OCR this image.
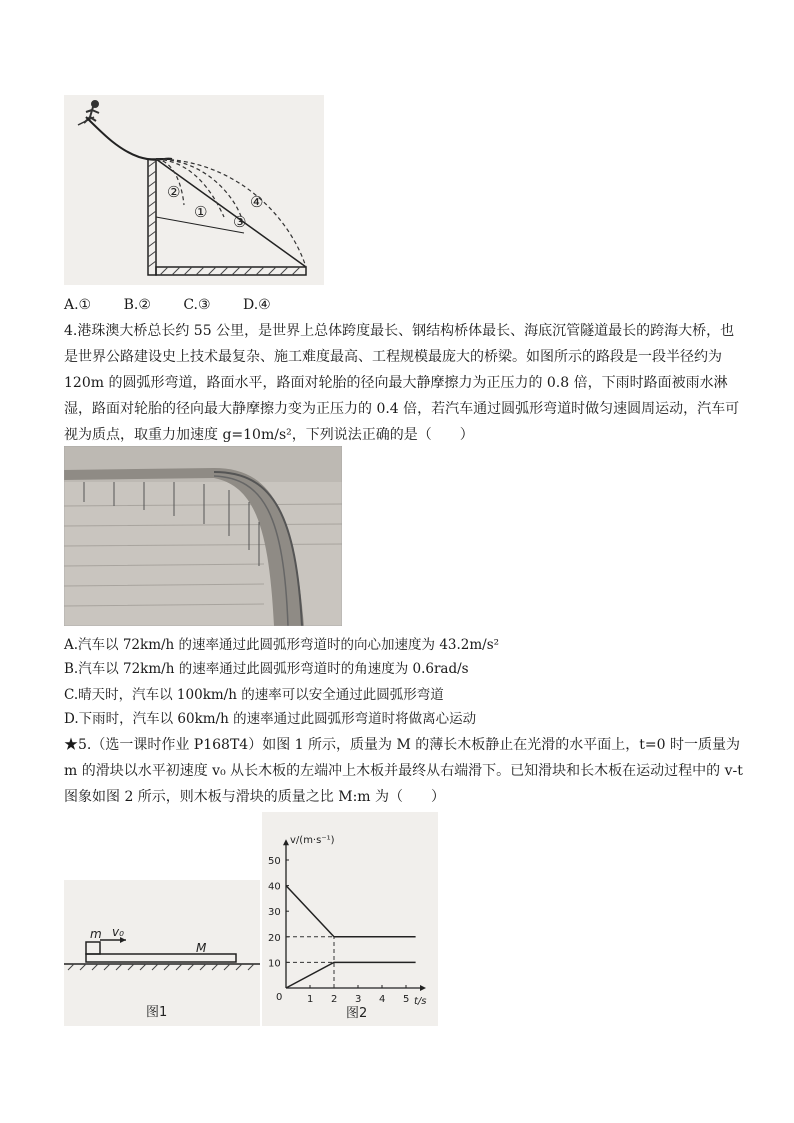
②
①
③
④
A.① B.② C.③ D.④

4.港珠澳大桥总长约 55 公里，是世界上总体跨度最长、钢结构桥体最长、海底沉管隧道最长的跨海大桥，也是世界公路建设史上技术最复杂、施工难度最高、工程规模最庞大的桥梁。如图所示的路段是一段半径约为 120m 的圆弧形弯道，路面水平，路面对轮胎的径向最大静摩擦力为正压力的 0.8 倍，下雨时路面被雨水淋湿，路面对轮胎的径向最大静摩擦力变为正压力的 0.4 倍，若汽车通过圆弧形弯道时做匀速圆周运动，汽车可视为质点，取重力加速度 g=10m/s²，下列说法正确的是（　　）

A.汽车以 72km/h 的速率通过此圆弧形弯道时的向心加速度为 43.2m/s²
B.汽车以 72km/h 的速率通过此圆弧形弯道时的角速度为 0.6rad/s
C.晴天时，汽车以 100km/h 的速率可以安全通过此圆弧形弯道
D.下雨时，汽车以 60km/h 的速率通过此圆弧形弯道时将做离心运动

★5.（选一课时作业 P168T4）如图 1 所示，质量为 M 的薄长木板静止在光滑的水平面上，t=0 时一质量为 m 的滑块以水平初速度 v₀ 从长木板的左端冲上木板并最终从右端滑下。已知滑块和长木板在运动过程中的 v-t 图象如图 2 所示，则木板与滑块的质量之比 M:m 为（　　）

m v₀
M
图1	图2
v/(m·s⁻¹)
t/s
0
10
20
30
40
50
1 2 3 4 5
